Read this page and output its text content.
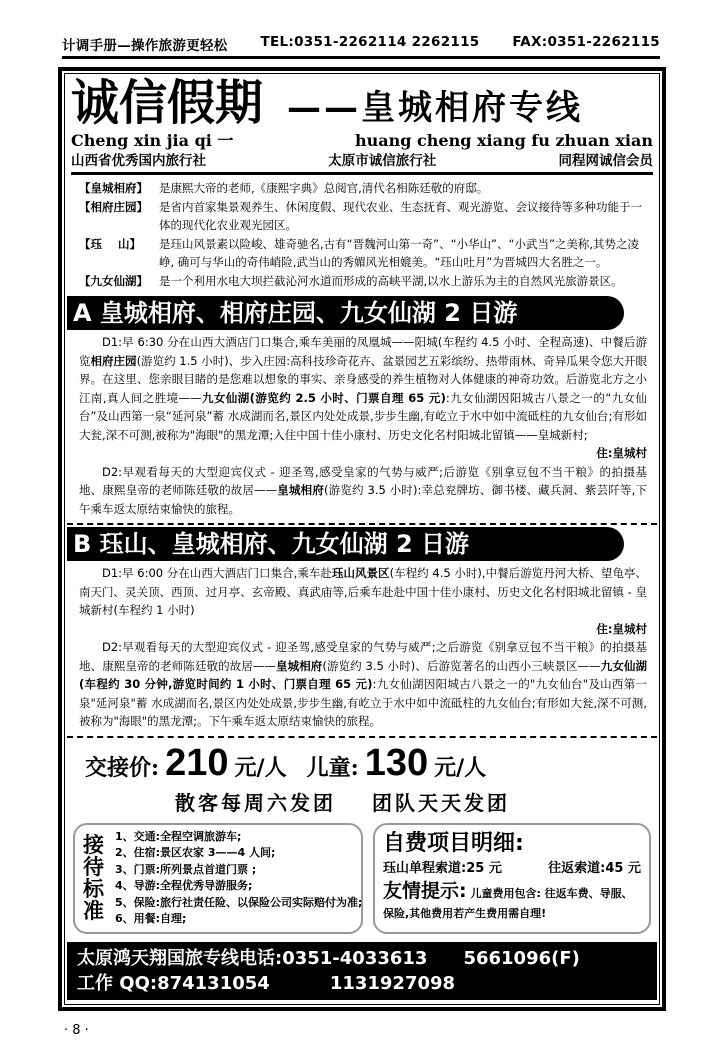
计调手册—操作旅游更轻松 TEL:0351-2262114 2262115 FAX:0351-2262115
诚信假期 ——皇城相府专线
Cheng xin jia qi 一	huang cheng xiang fu zhuan xian
山西省优秀国内旅行社	太原市诚信旅行社	同程网诚信会员
【皇城相府】 是康熙大帝的老师,《康熙字典》总阅官,清代名相陈廷敬的府邸。
【相府庄园】 是省内首家集景观养生、休闲度假、现代农业、生态抚育、观光游览、会议接待等多种功能于一体的现代化农业观光园区。
【珏    山】	是珏山风景素以险峻、雄奇驰名,古有“晋魏河山第一奇”、“小华山”、“小武当”之美称,其势之凌峥, 确可与华山的奇伟峭险,武当山的秀媚风光相媲美。“珏山吐月”为晋城四大名胜之一。
【九女仙湖】 是一个利用水电大坝拦截沁河水道而形成的高峡平湖,以水上游乐为主的自然风光旅游景区。
A 皇城相府、相府庄园、九女仙湖 2 日游

D1:早 6:30 分在山西大酒店门口集合,乘车美丽的凤凰城——阳城(车程约 4.5 小时、全程高速)、中餐后游览相府庄园(游览约 1.5 小时)、步入庄园:高科技珍奇花卉、盆景园艺五彩缤纷、热带雨林、奇异瓜果令您大开眼界。在这里、您亲眼目睹的是您难以想象的事实、亲身感受的养生植物对人体健康的神奇功效。后游览北方之小江南,真人间之胜境——九女仙湖(游览约 2.5 小时、门票自理 65 元):九女仙湖因阳城古八景之一的“九女仙台”及山西第一泉“延河泉”蓄 水成湖而名,景区内处处成景,步步生幽,有屹立于水中如中流砥柱的九女仙台;有形如大瓮,深不可测,被称为"海眼"的黑龙潭;入住中国十佳小康村、历史文化名村阳城北留镇——皇城新村;

住:皇城村

D2:早观看每天的大型迎宾仪式 - 迎圣驾,感受皇家的气势与威严;后游览《别拿豆包不当干粮》的拍摄基地、康熙皇帝的老师陈廷敬的故居——皇城相府(游览约 3.5 小时):幸总兖牌坊、御书楼、藏兵洞、紫芸阡等,下午乘车返太原结束愉快的旅程。

B 珏山、皇城相府、九女仙湖 2 日游

D1:早 6:00 分在山西大酒店门口集合,乘车赴珏山风景区(车程约 4.5 小时),中餐后游览丹河大桥、望龟亭、南天门、灵关顶、西顶、过月亭、玄帝殿、真武庙等,后乘车赴赴中国十佳小康村、历史文化名村阳城北留镇 - 皇城新村(车程约 1 小时)

住:皇城村

D2:早观看每天的大型迎宾仪式 - 迎圣驾,感受皇家的气势与威严;之后游览《别拿豆包不当干粮》的拍摄基地、康熙皇帝的老师陈廷敬的故居——皇城相府(游览约 3.5 小时)、后游览著名的山西小三峡景区——九女仙湖(车程约 30 分钟,游览时间约 1 小时、门票自理 65 元):九女仙湖因阳城古八景之一的"九女仙台"及山西第一泉"延河泉"蓄 水成湖而名,景区内处处成景,步步生幽,有屹立于水中如中流砥柱的九女仙台;有形如大瓮,深不可测,被称为"海眼"的黑龙潭;。下午乘车返太原结束愉快的旅程。

交接价: 210 元/人 儿童: 130 元/人
散客每周六发团 团队天天发团
接待标准
1、交通:全程空调旅游车;
2、住宿:景区农家 3——4 人间;
3、门票:所列景点首道门票 ;
4、导游:全程优秀导游服务;
5、保险:旅行社责任险、以保险公司实际赔付为准;
6、用餐:自理;
自费项目明细:
珏山单程索道:25 元	往返索道:45 元
友情提示: 儿童费用包含: 往返车费、导服、保险,其他费用若产生费用需自理!
太原鸿天翔国旅专线电话:0351-4033613 5661096(F)
工作 QQ:874131054	1131927098
· 8 ·
